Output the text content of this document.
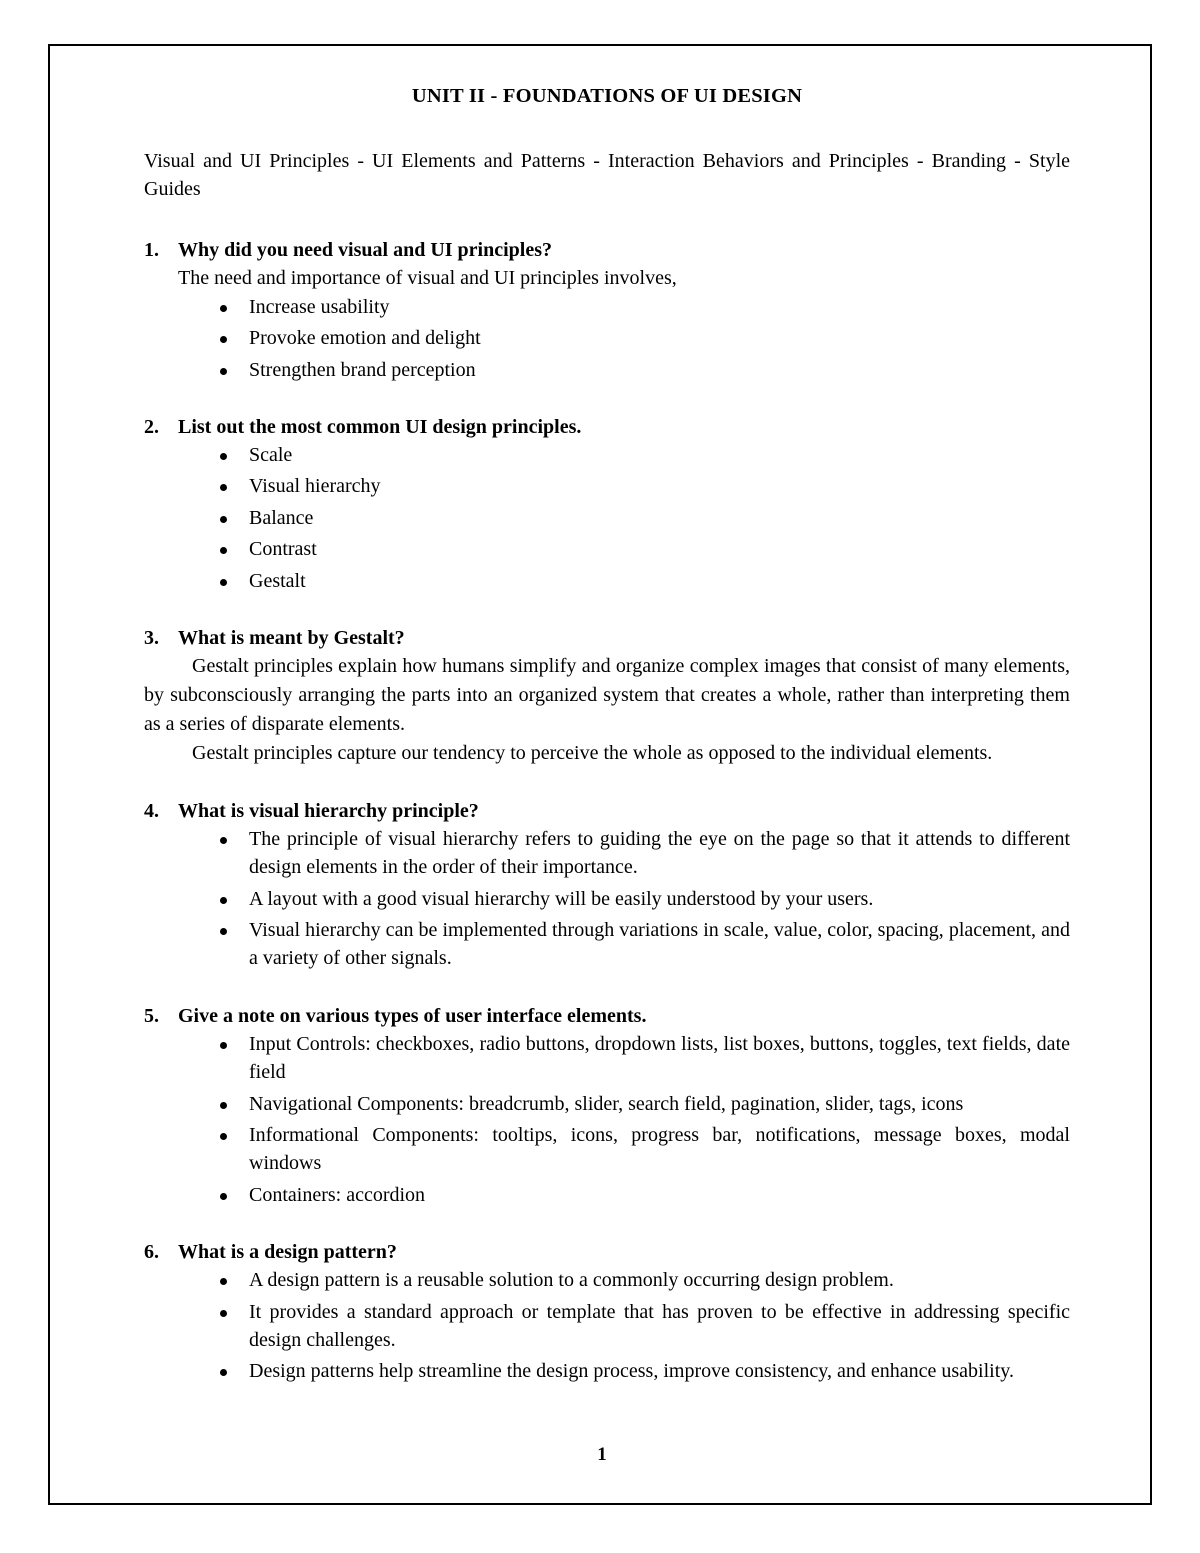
UNIT II - FOUNDATIONS OF UI DESIGN

Visual and UI Principles - UI Elements and Patterns - Interaction Behaviors and Principles - Branding - Style Guides

1. Why did you need visual and UI principles?

The need and importance of visual and UI principles involves,

Increase usability
Provoke emotion and delight
Strengthen brand perception
2. List out the most common UI design principles.
Scale
Visual hierarchy
Balance
Contrast
Gestalt
3. What is meant by Gestalt?

Gestalt principles explain how humans simplify and organize complex images that consist of many elements, by subconsciously arranging the parts into an organized system that creates a whole, rather than interpreting them as a series of disparate elements.

Gestalt principles capture our tendency to perceive the whole as opposed to the individual elements.

4. What is visual hierarchy principle?
The principle of visual hierarchy refers to guiding the eye on the page so that it attends to different design elements in the order of their importance.
A layout with a good visual hierarchy will be easily understood by your users.
Visual hierarchy can be implemented through variations in scale, value, color, spacing, placement, and a variety of other signals.
5. Give a note on various types of user interface elements.
Input Controls: checkboxes, radio buttons, dropdown lists, list boxes, buttons, toggles, text fields, date field
Navigational Components: breadcrumb, slider, search field, pagination, slider, tags, icons
Informational Components: tooltips, icons, progress bar, notifications, message boxes, modal windows
Containers: accordion
6. What is a design pattern?
A design pattern is a reusable solution to a commonly occurring design problem.
It provides a standard approach or template that has proven to be effective in addressing specific design challenges.
Design patterns help streamline the design process, improve consistency, and enhance usability.
1
